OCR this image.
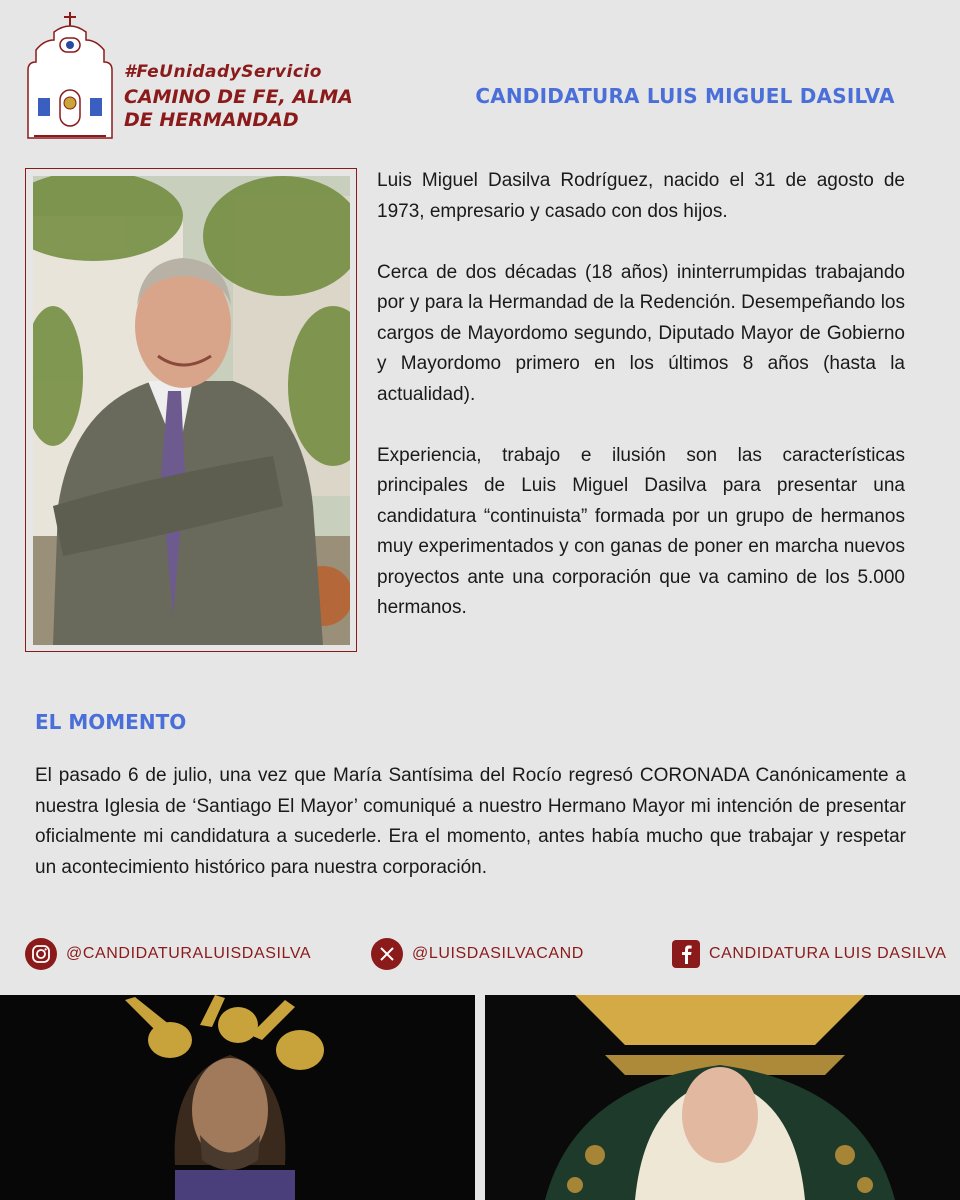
#FeUnidadyServicio
CAMINO DE FE, ALMA DE HERMANDAD
CANDIDATURA LUIS MIGUEL DASILVA

Luis Miguel Dasilva Rodríguez, nacido el 31 de agosto de 1973, empresario y casado con dos hijos.

Cerca de dos décadas (18 años) ininterrumpidas trabajando por y para la Hermandad de la Redención. Desempeñando los cargos de Mayordomo segundo, Diputado Mayor de Gobierno y Mayordomo primero en los últimos 8 años (hasta la actualidad).

Experiencia, trabajo e ilusión son las características principales de Luis Miguel Dasilva para presentar una candidatura “continuista” formada por un grupo de hermanos muy experimentados y con ganas de poner en marcha nuevos proyectos ante una corporación que va camino de los 5.000 hermanos.

EL MOMENTO

El pasado 6 de julio, una vez que María Santísima del Rocío regresó CORONADA Canónicamente a nuestra Iglesia de ‘Santiago El Mayor’ comuniqué a nuestro Hermano Mayor mi intención de presentar oficialmente mi candidatura a sucederle. Era el momento, antes había mucho que trabajar y respetar un acontecimiento histórico para nuestra corporación.

@CANDIDATURALUISDASILVA	@LUISDASILVACAND	CANDIDATURA LUIS DASILVA
